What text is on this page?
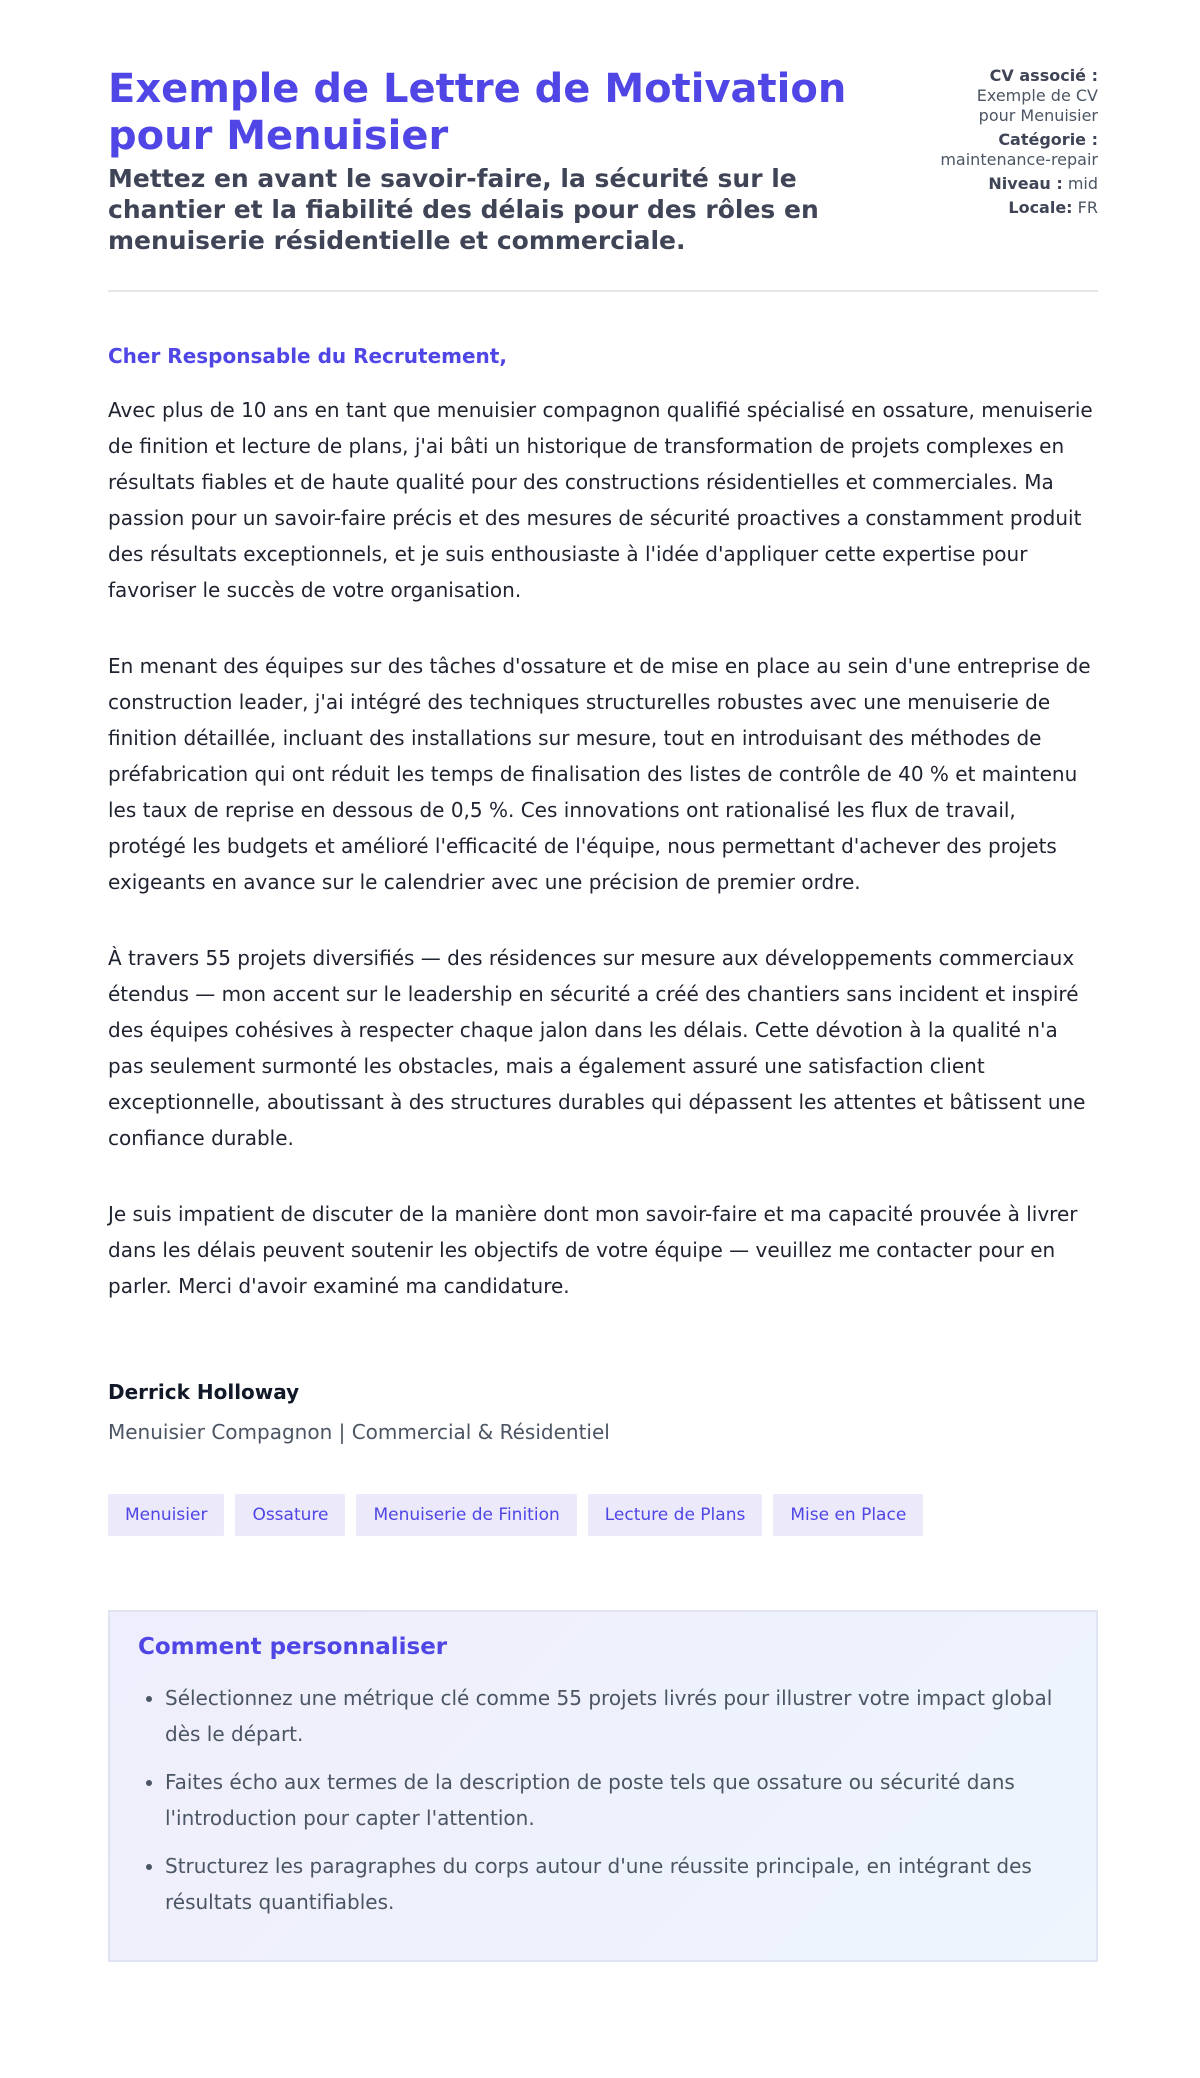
Exemple de Lettre de Motivation pour Menuisier
Mettez en avant le savoir-faire, la sécurité sur le chantier et la fiabilité des délais pour des rôles en menuiserie résidentielle et commerciale.
CV associé :
Exemple de CV pour Menuisier
Catégorie :
maintenance-repair
Niveau : mid
Locale: FR
Cher Responsable du Recrutement,

Avec plus de 10 ans en tant que menuisier compagnon qualifié spécialisé en ossature, menuiserie de finition et lecture de plans, j'ai bâti un historique de transformation de projets complexes en résultats fiables et de haute qualité pour des constructions résidentielles et commerciales. Ma passion pour un savoir-faire précis et des mesures de sécurité proactives a constamment produit des résultats exceptionnels, et je suis enthousiaste à l'idée d'appliquer cette expertise pour favoriser le succès de votre organisation.

En menant des équipes sur des tâches d'ossature et de mise en place au sein d'une entreprise de construction leader, j'ai intégré des techniques structurelles robustes avec une menuiserie de finition détaillée, incluant des installations sur mesure, tout en introduisant des méthodes de préfabrication qui ont réduit les temps de finalisation des listes de contrôle de 40 % et maintenu les taux de reprise en dessous de 0,5 %. Ces innovations ont rationalisé les flux de travail, protégé les budgets et amélioré l'efficacité de l'équipe, nous permettant d'achever des projets exigeants en avance sur le calendrier avec une précision de premier ordre.

À travers 55 projets diversifiés — des résidences sur mesure aux développements commerciaux étendus — mon accent sur le leadership en sécurité a créé des chantiers sans incident et inspiré des équipes cohésives à respecter chaque jalon dans les délais. Cette dévotion à la qualité n'a pas seulement surmonté les obstacles, mais a également assuré une satisfaction client exceptionnelle, aboutissant à des structures durables qui dépassent les attentes et bâtissent une confiance durable.

Je suis impatient de discuter de la manière dont mon savoir-faire et ma capacité prouvée à livrer dans les délais peuvent soutenir les objectifs de votre équipe — veuillez me contacter pour en parler. Merci d'avoir examiné ma candidature.

Derrick Holloway
Menuisier Compagnon | Commercial & Résidentiel
Menuisier	Ossature	Menuiserie de Finition	Lecture de Plans	Mise en Place
Comment personnaliser
• Sélectionnez une métrique clé comme 55 projets livrés pour illustrer votre impact global dès le départ.
• Faites écho aux termes de la description de poste tels que ossature ou sécurité dans l'introduction pour capter l'attention.
• Structurez les paragraphes du corps autour d'une réussite principale, en intégrant des résultats quantifiables.
